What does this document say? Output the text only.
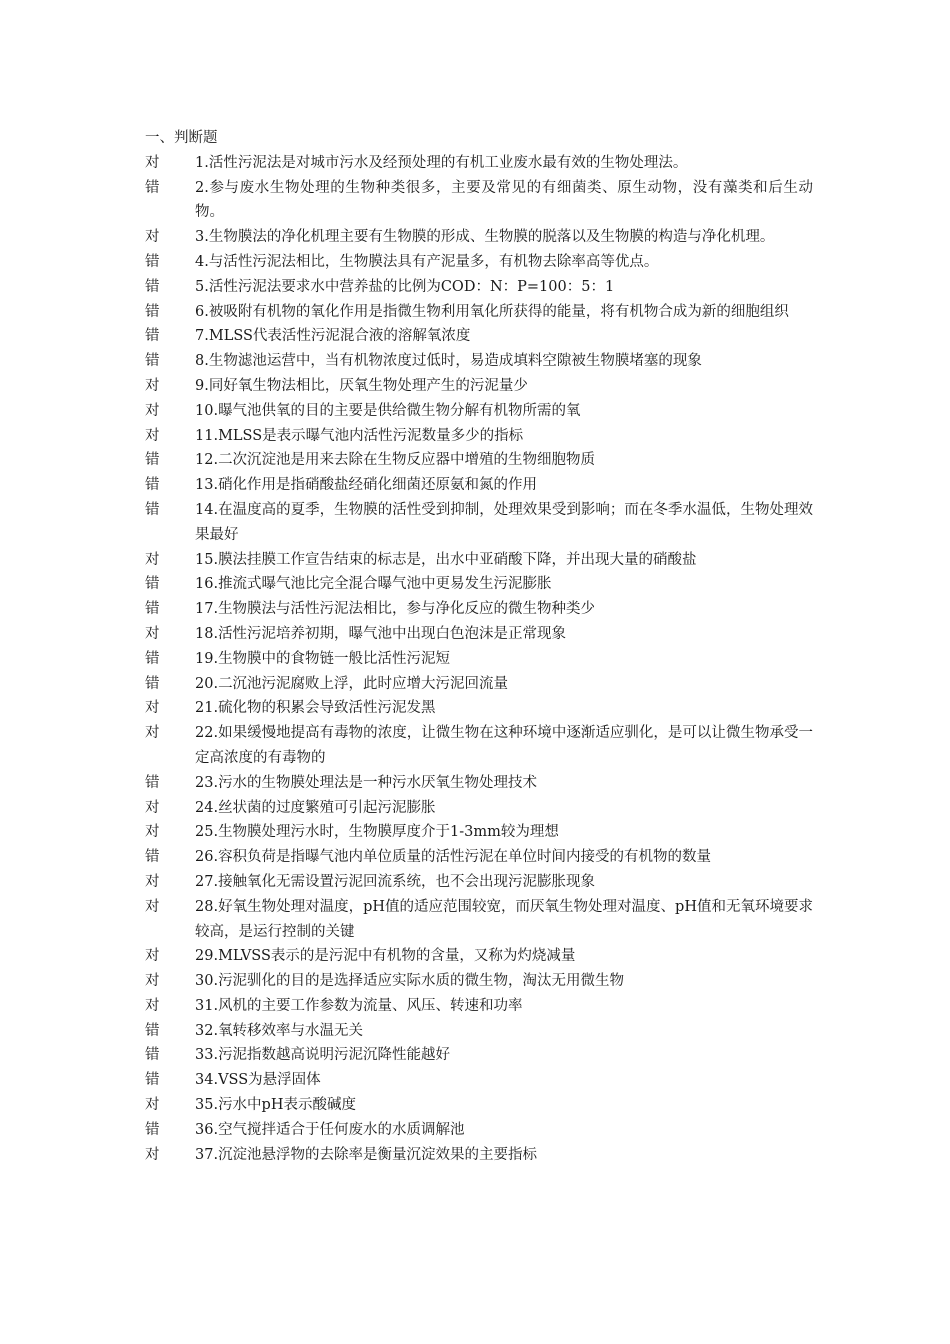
一、判断题
对 1.活性污泥法是对城市污水及经预处理的有机工业废水最有效的生物处理法。
错 2.参与废水生物处理的生物种类很多，主要及常见的有细菌类、原生动物，没有藻类和后生动物。
对 3.生物膜法的净化机理主要有生物膜的形成、生物膜的脱落以及生物膜的构造与净化机理。
错 4.与活性污泥法相比，生物膜法具有产泥量多，有机物去除率高等优点。
错 5.活性污泥法要求水中营养盐的比例为COD：N：P=100：5：1
错 6.被吸附有机物的氧化作用是指微生物利用氧化所获得的能量，将有机物合成为新的细胞组织
错 7.MLSS代表活性污泥混合液的溶解氧浓度
错 8.生物滤池运营中，当有机物浓度过低时，易造成填料空隙被生物膜堵塞的现象
对 9.同好氧生物法相比，厌氧生物处理产生的污泥量少
对 10.曝气池供氧的目的主要是供给微生物分解有机物所需的氧
对 11.MLSS是表示曝气池内活性污泥数量多少的指标
错 12.二次沉淀池是用来去除在生物反应器中增殖的生物细胞物质
错 13.硝化作用是指硝酸盐经硝化细菌还原氨和氮的作用
错 14.在温度高的夏季，生物膜的活性受到抑制，处理效果受到影响；而在冬季水温低，生物处理效果最好
对 15.膜法挂膜工作宣告结束的标志是，出水中亚硝酸下降，并出现大量的硝酸盐
错 16.推流式曝气池比完全混合曝气池中更易发生污泥膨胀
错 17.生物膜法与活性污泥法相比，参与净化反应的微生物种类少
对 18.活性污泥培养初期，曝气池中出现白色泡沫是正常现象
错 19.生物膜中的食物链一般比活性污泥短
错 20.二沉池污泥腐败上浮，此时应增大污泥回流量
对 21.硫化物的积累会导致活性污泥发黑
对 22.如果缓慢地提高有毒物的浓度，让微生物在这种环境中逐渐适应驯化，是可以让微生物承受一定高浓度的有毒物的
错 23.污水的生物膜处理法是一种污水厌氧生物处理技术
对 24.丝状菌的过度繁殖可引起污泥膨胀
对 25.生物膜处理污水时，生物膜厚度介于1-3mm较为理想
错 26.容积负荷是指曝气池内单位质量的活性污泥在单位时间内接受的有机物的数量
对 27.接触氧化无需设置污泥回流系统，也不会出现污泥膨胀现象
对 28.好氧生物处理对温度，pH值的适应范围较宽，而厌氧生物处理对温度、pH值和无氧环境要求较高，是运行控制的关键
对 29.MLVSS表示的是污泥中有机物的含量，又称为灼烧减量
对 30.污泥驯化的目的是选择适应实际水质的微生物，淘汰无用微生物
对 31.风机的主要工作参数为流量、风压、转速和功率
错 32.氧转移效率与水温无关
错 33.污泥指数越高说明污泥沉降性能越好
错 34.VSS为悬浮固体
对 35.污水中pH表示酸碱度
错 36.空气搅拌适合于任何废水的水质调解池
对 37.沉淀池悬浮物的去除率是衡量沉淀效果的主要指标
